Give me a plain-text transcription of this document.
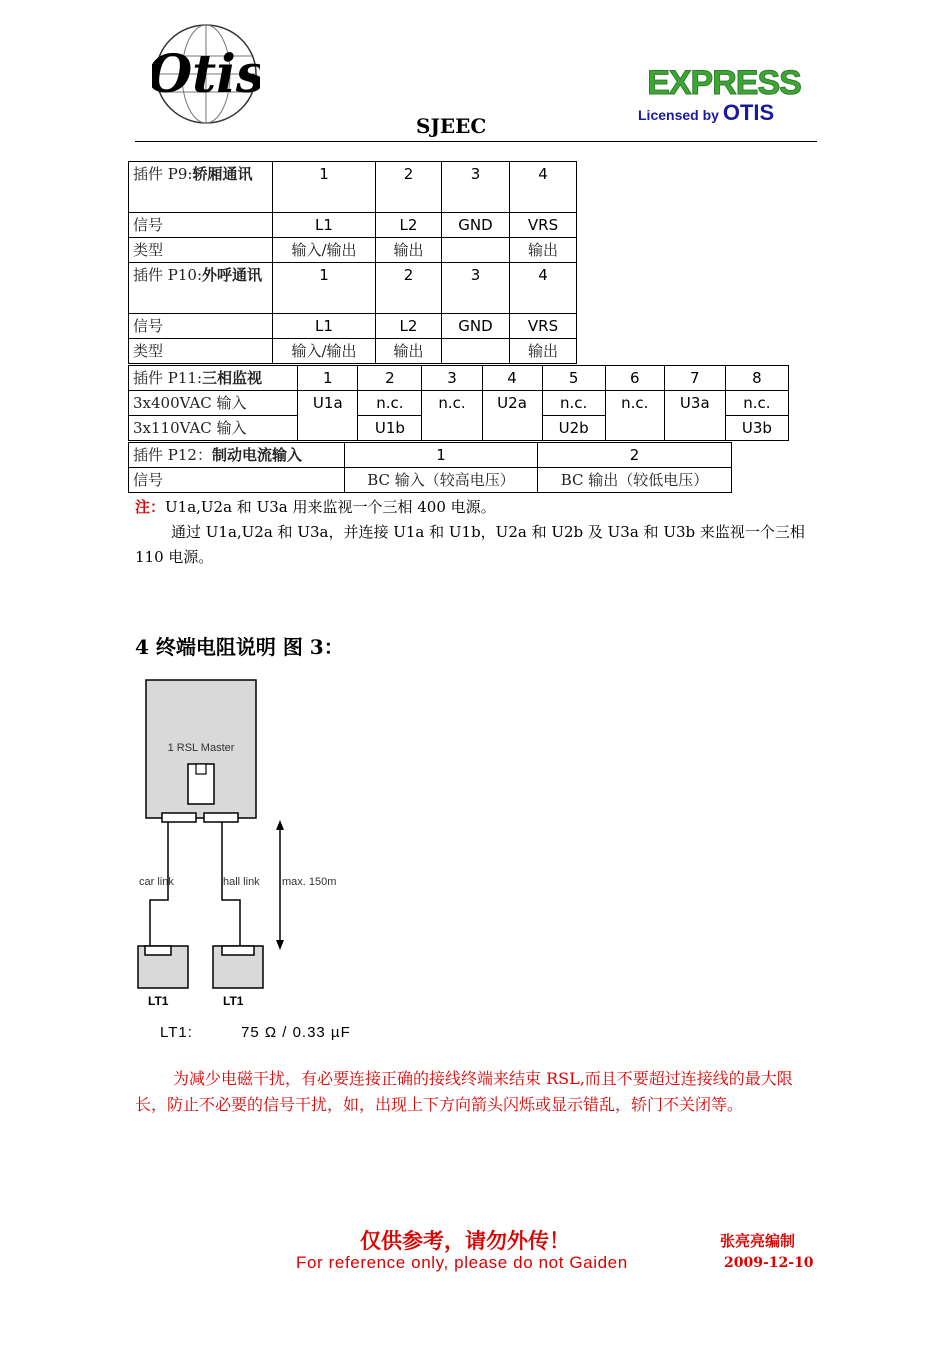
Otis
SJEEC
EXPRESS
Licensed by OTIS
插件 P9:轿厢通讯	1	2	3	4
信号	L1	L2	GND	VRS
类型	输入/输出	输出		输出
插件 P10:外呼通讯	1	2	3	4
信号	L1	L2	GND	VRS
类型	输入/输出	输出		输出
插件 P11:三相监视	1	2	3	4	5	6	7	8
3x400VAC 输入	U1a	n.c.	n.c.	U2a	n.c.	n.c.	U3a	n.c.
3x110VAC 输入		U1b			U2b			U3b
插件 P12：制动电流输入	1	2
信号	BC 输入（较高电压）	BC 输出（较低电压）
注：U1a,U2a 和 U3a 用来监视一个三相 400 电源。
通过 U1a,U2a 和 U3a，并连接 U1a 和 U1b，U2a 和 U2b 及 U3a 和 U3b 来监视一个三相 110 电源。
4 终端电阻说明 图 3：
1 RSL Master
car link	hall link max. 150m
LT1	LT1
LT1:	75 Ω / 0.33 µF
为减少电磁干扰，有必要连接正确的接线终端来结束 RSL,而且不要超过连接线的最大限长，防止不必要的信号干扰，如，出现上下方向箭头闪烁或显示错乱，轿门不关闭等。
仅供参考，请勿外传！
For reference only, please do not Gaiden
张亮亮编制
2009-12-10
